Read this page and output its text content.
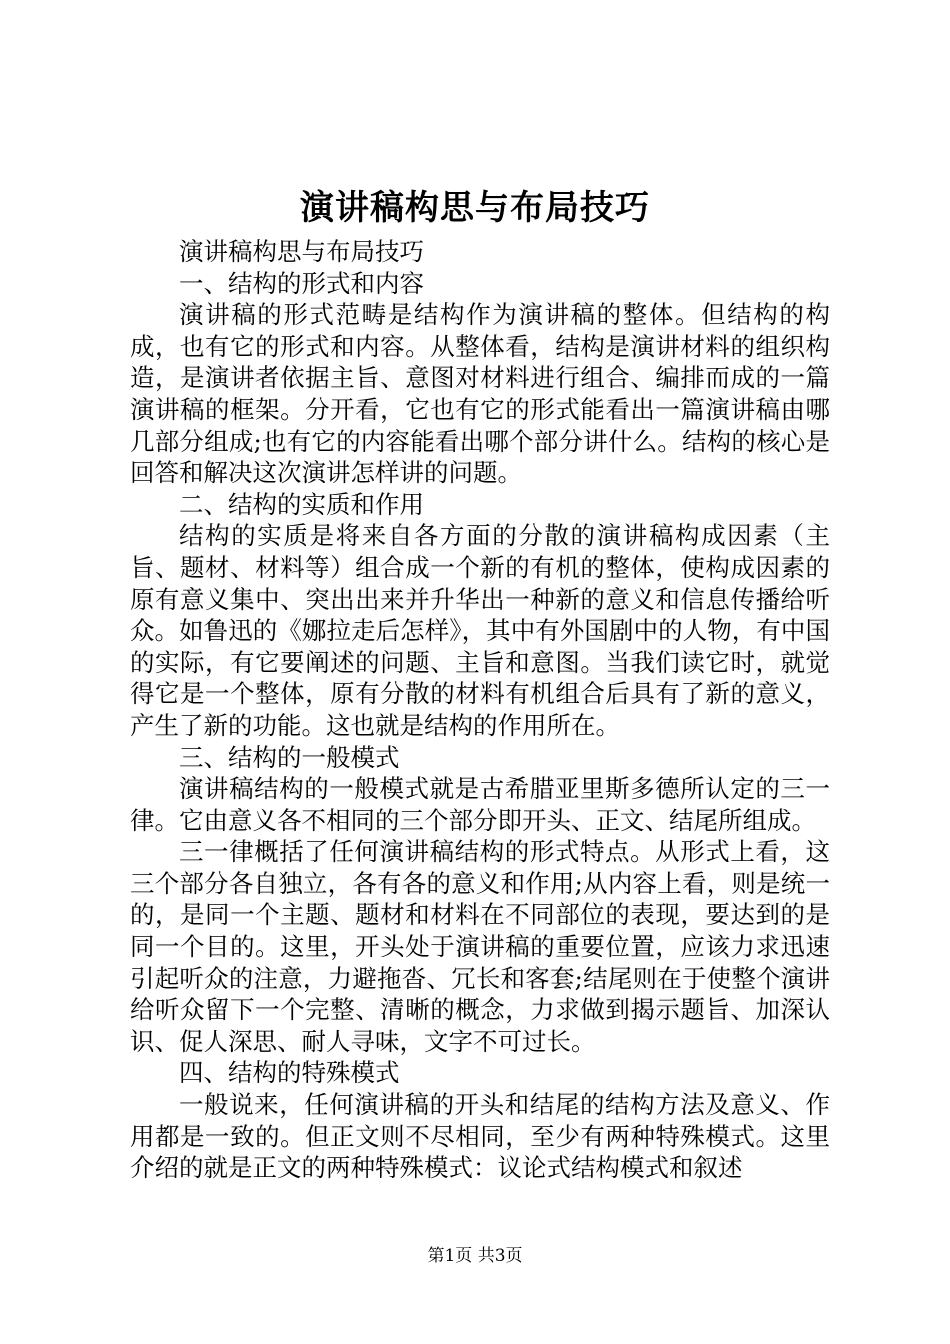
演讲稿构思与布局技巧

演讲稿构思与布局技巧

一、结构的形式和内容

演讲稿的形式范畴是结构作为演讲稿的整体。但结构的构成，也有它的形式和内容。从整体看，结构是演讲材料的组织构造，是演讲者依据主旨、意图对材料进行组合、编排而成的一篇演讲稿的框架。分开看，它也有它的形式能看出一篇演讲稿由哪几部分组成;也有它的内容能看出哪个部分讲什么。结构的核心是回答和解决这次演讲怎样讲的问题。

二、结构的实质和作用

结构的实质是将来自各方面的分散的演讲稿构成因素（主旨、题材、材料等）组合成一个新的有机的整体，使构成因素的原有意义集中、突出出来并升华出一种新的意义和信息传播给听众。如鲁迅的《娜拉走后怎样》，其中有外国剧中的人物，有中国的实际，有它要阐述的问题、主旨和意图。当我们读它时，就觉得它是一个整体，原有分散的材料有机组合后具有了新的意义，产生了新的功能。这也就是结构的作用所在。

三、结构的一般模式

演讲稿结构的一般模式就是古希腊亚里斯多德所认定的三一律。它由意义各不相同的三个部分即开头、正文、结尾所组成。

三一律概括了任何演讲稿结构的形式特点。从形式上看，这三个部分各自独立，各有各的意义和作用;从内容上看，则是统一的，是同一个主题、题材和材料在不同部位的表现，要达到的是同一个目的。这里，开头处于演讲稿的重要位置，应该力求迅速引起听众的注意，力避拖沓、冗长和客套;结尾则在于使整个演讲给听众留下一个完整、清晰的概念，力求做到揭示题旨、加深认识、促人深思、耐人寻味，文字不可过长。

四、结构的特殊模式

一般说来，任何演讲稿的开头和结尾的结构方法及意义、作用都是一致的。但正文则不尽相同，至少有两种特殊模式。这里介绍的就是正文的两种特殊模式：议论式结构模式和叙述

第1页 共3页
